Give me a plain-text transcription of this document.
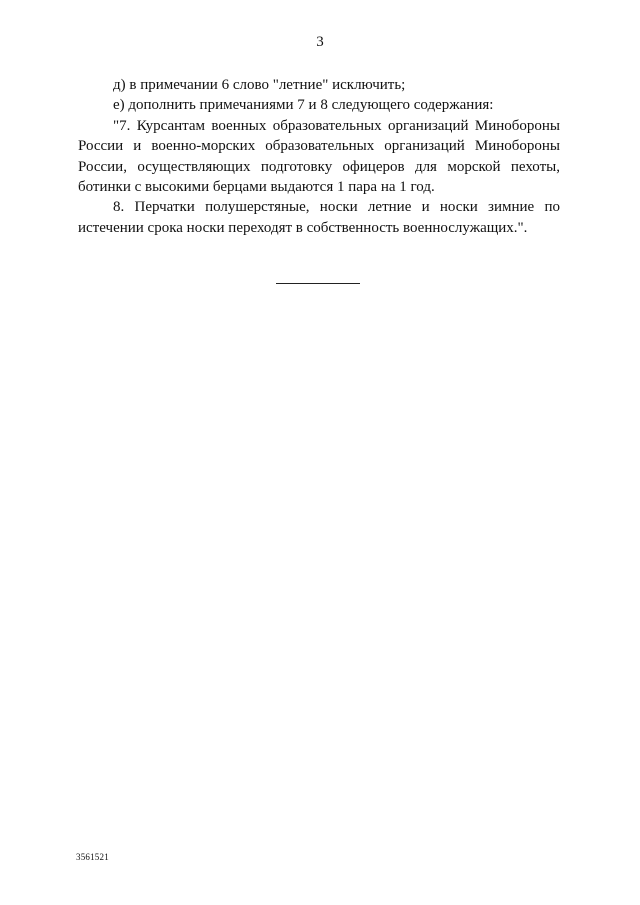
3

д) в примечании 6 слово "летние" исключить;

е) дополнить примечаниями 7 и 8 следующего содержания:

"7. Курсантам военных образовательных организаций Минобороны России и военно-морских образовательных организаций Минобороны России, осуществляющих подготовку офицеров для морской пехоты, ботинки с высокими берцами выдаются 1 пара на 1 год.

8. Перчатки полушерстяные, носки летние и носки зимние по истечении срока носки переходят в собственность военнослужащих.".

3561521
